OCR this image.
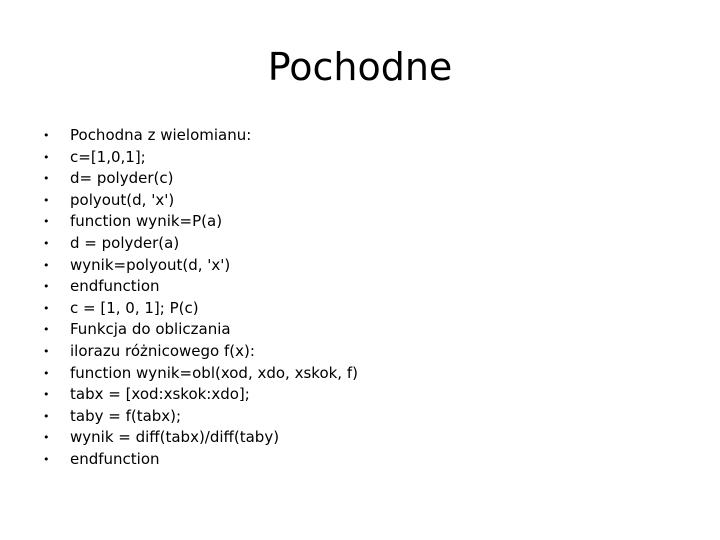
Pochodne
•	Pochodna z wielomianu:
•	c=[1,0,1];
•	d= polyder(c)
•	polyout(d, 'x')
•	function wynik=P(a)
•	d = polyder(a)
•	wynik=polyout(d, 'x')
•	endfunction
•	c = [1, 0, 1]; P(c)
•	Funkcja do obliczania
•	ilorazu różnicowego f(x):
•	function wynik=obl(xod, xdo, xskok, f)
•	tabx = [xod:xskok:xdo];
•	taby = f(tabx);
•	wynik = diff(tabx)/diff(taby)
•	endfunction
